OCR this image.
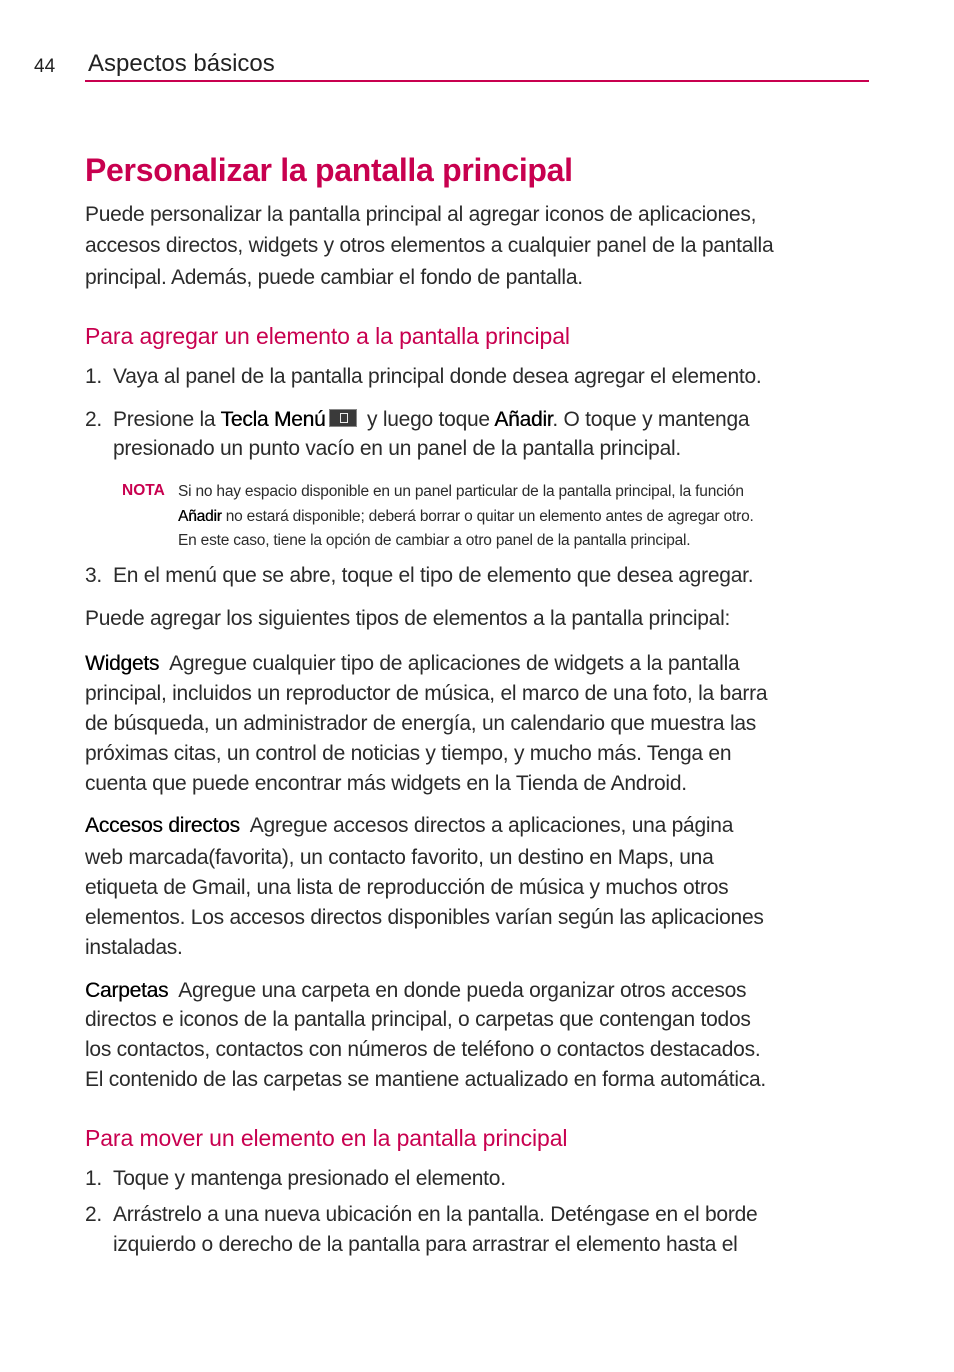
44 Aspectos básicos
Personalizar la pantalla principal
Puede personalizar la pantalla principal al agregar iconos de aplicaciones,
accesos directos, widgets y otros elementos a cualquier panel de la pantalla
principal. Además, puede cambiar el fondo de pantalla.
Para agregar un elemento a la pantalla principal
1. Vaya al panel de la pantalla principal donde desea agregar el elemento.
2. Presione la Tecla Menú y luego toque Añadir. O toque y mantenga
presionado un punto vacío en un panel de la pantalla principal.
NOTA Si no hay espacio disponible en un panel particular de la pantalla principal, la función
Añadir no estará disponible; deberá borrar o quitar un elemento antes de agregar otro.
En este caso, tiene la opción de cambiar a otro panel de la pantalla principal.
3. En el menú que se abre, toque el tipo de elemento que desea agregar.
Puede agregar los siguientes tipos de elementos a la pantalla principal:
Widgets  Agregue cualquier tipo de aplicaciones de widgets a la pantalla
principal, incluidos un reproductor de música, el marco de una foto, la barra
de búsqueda, un administrador de energía, un calendario que muestra las
próximas citas, un control de noticias y tiempo, y mucho más. Tenga en
cuenta que puede encontrar más widgets en la Tienda de Android.
Accesos directos  Agregue accesos directos a aplicaciones, una página
web marcada(favorita), un contacto favorito, un destino en Maps, una
etiqueta de Gmail, una lista de reproducción de música y muchos otros
elementos. Los accesos directos disponibles varían según las aplicaciones
instaladas.
Carpetas  Agregue una carpeta en donde pueda organizar otros accesos
directos e iconos de la pantalla principal, o carpetas que contengan todos
los contactos, contactos con números de teléfono o contactos destacados.
El contenido de las carpetas se mantiene actualizado en forma automática.
Para mover un elemento en la pantalla principal
1. Toque y mantenga presionado el elemento.
2. Arrástrelo a una nueva ubicación en la pantalla. Deténgase en el borde
izquierdo o derecho de la pantalla para arrastrar el elemento hasta el
